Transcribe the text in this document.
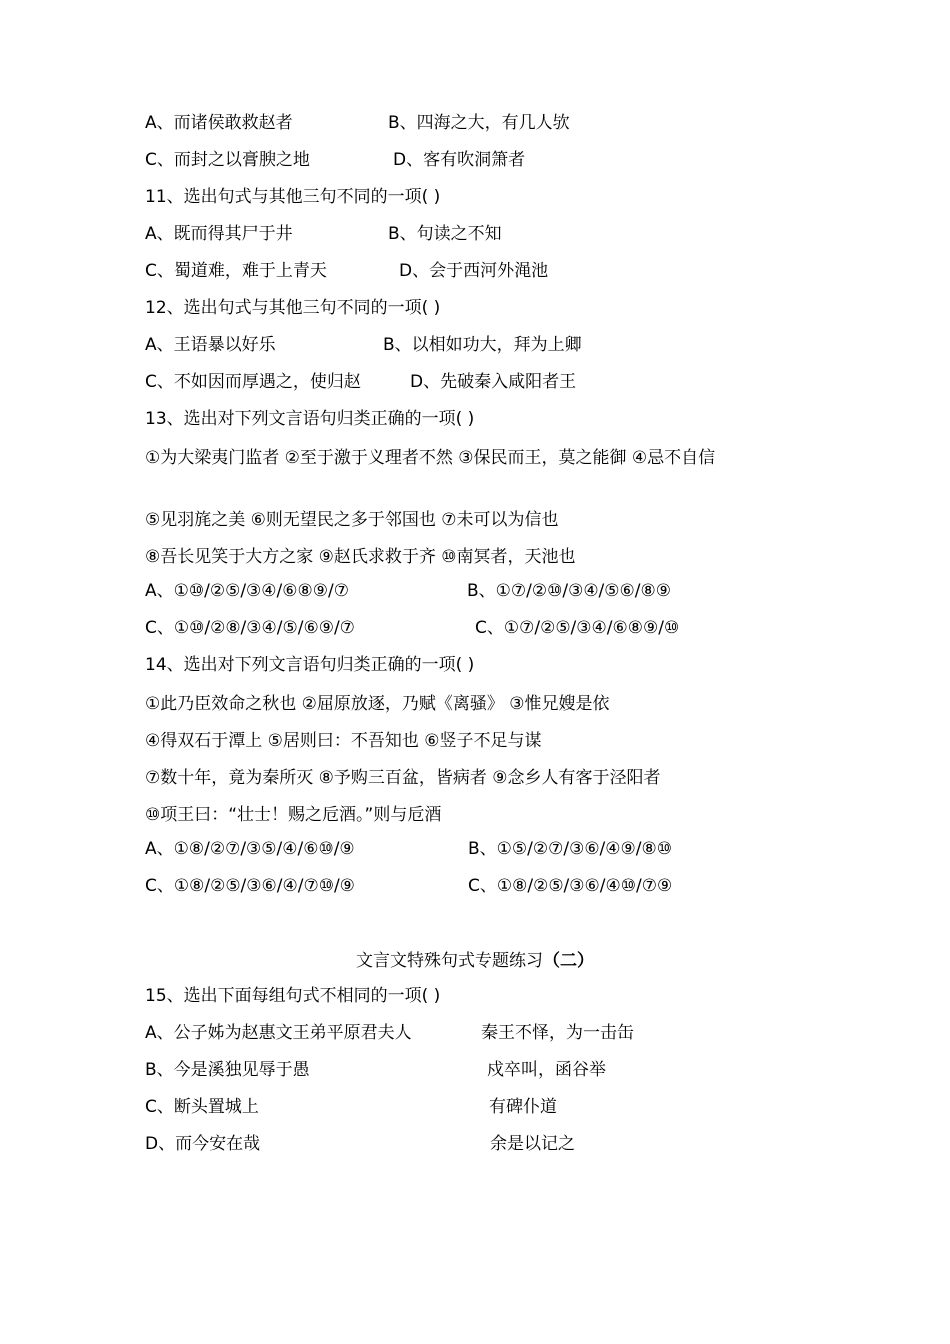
A、而诸侯敢救赵者	B、四海之大，有几人欤
C、而封之以膏腴之地	D、客有吹洞箫者
11、选出句式与其他三句不同的一项( )
A、既而得其尸于井	B、句读之不知
C、蜀道难，难于上青天	D、会于西河外渑池
12、选出句式与其他三句不同的一项( )
A、王语暴以好乐	B、以相如功大，拜为上卿
C、不如因而厚遇之，使归赵	D、先破秦入咸阳者王
13、选出对下列文言语句归类正确的一项( )
①为大梁夷门监者 ②至于激于义理者不然 ③保民而王，莫之能御 ④忌不自信
⑤见羽旄之美 ⑥则无望民之多于邻国也 ⑦未可以为信也
⑧吾长见笑于大方之家 ⑨赵氏求救于齐 ⑩南冥者，天池也
A、①⑩/②⑤/③④/⑥⑧⑨/⑦	B、①⑦/②⑩/③④/⑤⑥/⑧⑨
C、①⑩/②⑧/③④/⑤/⑥⑨/⑦	C、①⑦/②⑤/③④/⑥⑧⑨/⑩
14、选出对下列文言语句归类正确的一项( )
①此乃臣效命之秋也 ②屈原放逐，乃赋《离骚》 ③惟兄嫂是依
④得双石于潭上 ⑤居则曰：不吾知也 ⑥竖子不足与谋
⑦数十年，竟为秦所灭 ⑧予购三百盆，皆病者 ⑨念乡人有客于泾阳者
⑩项王曰：“壮士！赐之卮酒。”则与卮酒
A、①⑧/②⑦/③⑤/④/⑥⑩/⑨	B、①⑤/②⑦/③⑥/④⑨/⑧⑩
C、①⑧/②⑤/③⑥/④/⑦⑩/⑨	C、①⑧/②⑤/③⑥/④⑩/⑦⑨
文言文特殊句式专题练习（二）
15、选出下面每组句式不相同的一项( )
A、公子姊为赵惠文王弟平原君夫人	秦王不怿，为一击缶
B、今是溪独见辱于愚	戍卒叫，函谷举
C、断头置城上	有碑仆道
D、而今安在哉	余是以记之
